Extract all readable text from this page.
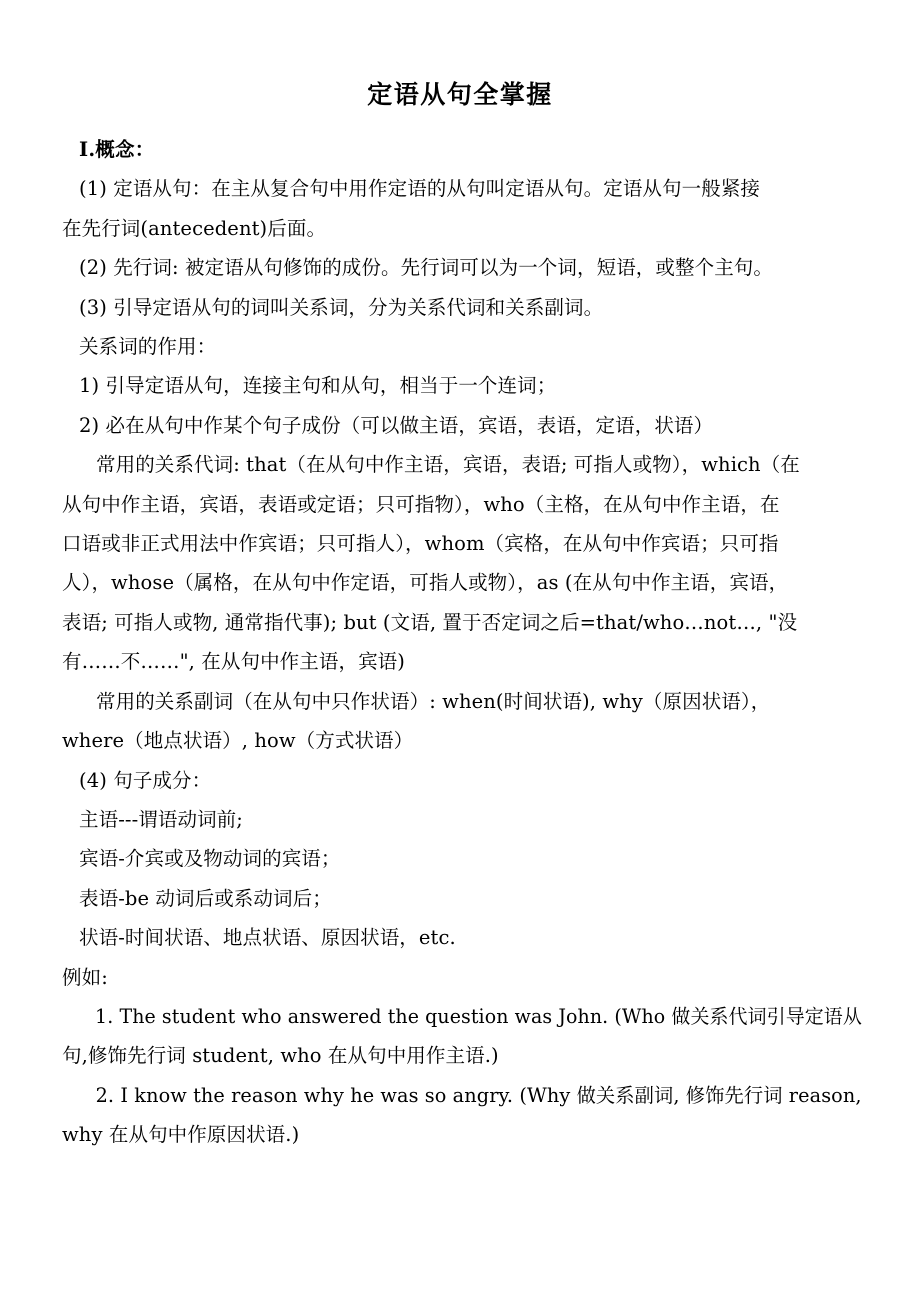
定语从句全掌握
Ⅰ.概念：
(1) 定语从句：在主从复合句中用作定语的从句叫定语从句。定语从句一般紧接
在先行词(antecedent)后面。
(2) 先行词: 被定语从句修饰的成份。先行词可以为一个词，短语，或整个主句。
(3) 引导定语从句的词叫关系词，分为关系代词和关系副词。
关系词的作用：
1) 引导定语从句，连接主句和从句，相当于一个连词；
2) 必在从句中作某个句子成份（可以做主语，宾语，表语，定语，状语）
常用的关系代词: that（在从句中作主语，宾语，表语; 可指人或物），which（在
从句中作主语，宾语，表语或定语；只可指物），who（主格，在从句中作主语，在
口语或非正式用法中作宾语；只可指人），whom（宾格，在从句中作宾语；只可指
人），whose（属格，在从句中作定语，可指人或物），as (在从句中作主语，宾语，
表语; 可指人或物, 通常指代事); but (文语, 置于否定词之后=that/who…not…, "没
有……不……", 在从句中作主语，宾语)
常用的关系副词（在从句中只作状语）: when(时间状语), why（原因状语），
where（地点状语）, how（方式状语）
(4) 句子成分：
主语---谓语动词前;
宾语-介宾或及物动词的宾语；
表语-be 动词后或系动词后；
状语-时间状语、地点状语、原因状语，etc.
例如:
1. The student who answered the question was John. (Who 做关系代词引导定语从
句,修饰先行词 student, who 在从句中用作主语.)
2. I know the reason why he was so angry. (Why 做关系副词, 修饰先行词 reason,
why 在从句中作原因状语.)
